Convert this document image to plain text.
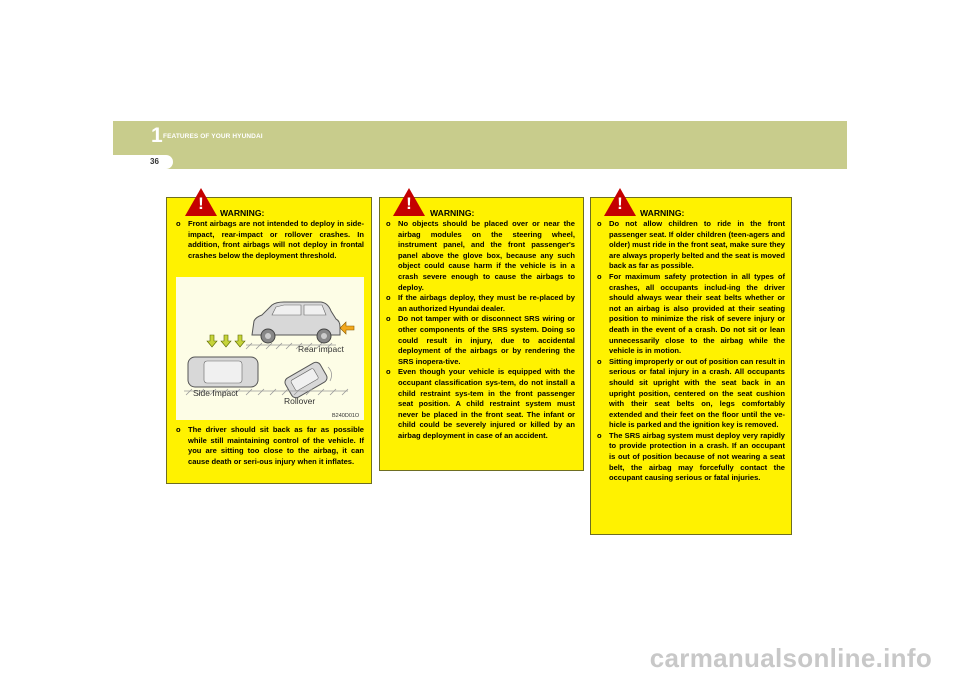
1 FEATURES OF YOUR HYUNDAI
36
!	WARNING:
o Front airbags are not intended to deploy in side-impact, rear-impact or rollover crashes. In addition, front airbags will not deploy in frontal crashes below the deployment threshold.
Rear impact
Side Impact
Rollover
B240D01O
o The driver should sit back as far as possible while still maintaining control of the vehicle. If you are sitting too close to the airbag, it can cause death or seri-ous injury when it inflates.
!	WARNING:
o No objects should be placed over or near the airbag modules on the steering wheel, instrument panel, and the front passenger's panel above the glove box, because any such object could cause harm if the vehicle is in a crash severe enough to cause the airbags to deploy.
o If the airbags deploy, they must be re-placed by an authorized Hyundai dealer.
o Do not tamper with or disconnect SRS wiring or other components of the SRS system. Doing so could result in injury, due to accidental deployment of the airbags or by rendering the SRS inopera-tive.
o Even though your vehicle is equipped with the occupant classification sys-tem, do not install a child restraint sys-tem in the front passenger seat position. A child restraint system must never be placed in the front seat. The infant or child could be severely injured or killed by an airbag deployment in case of an accident.
!	WARNING:
o Do not allow children to ride in the front passenger seat. If older children (teen-agers and older) must ride in the front seat, make sure they are always properly belted and the seat is moved back as far as possible.
o For maximum safety protection in all types of crashes, all occupants includ-ing the driver should always wear their seat belts whether or not an airbag is also provided at their seating position to minimize the risk of severe injury or death in the event of a crash. Do not sit or lean unnecessarily close to the airbag while the vehicle is in motion.
o Sitting improperly or out of position can result in serious or fatal injury in a crash. All occupants should sit upright with the seat back in an upright position, centered on the seat cushion with their seat belts on, legs comfortably extended and their feet on the floor until the ve-hicle is parked and the ignition key is removed.
o The SRS airbag system must deploy very rapidly to provide protection in a crash. If an occupant is out of position because of not wearing a seat belt, the airbag may forcefully contact the occupant causing serious or fatal injuries.
carmanualsonline.info
